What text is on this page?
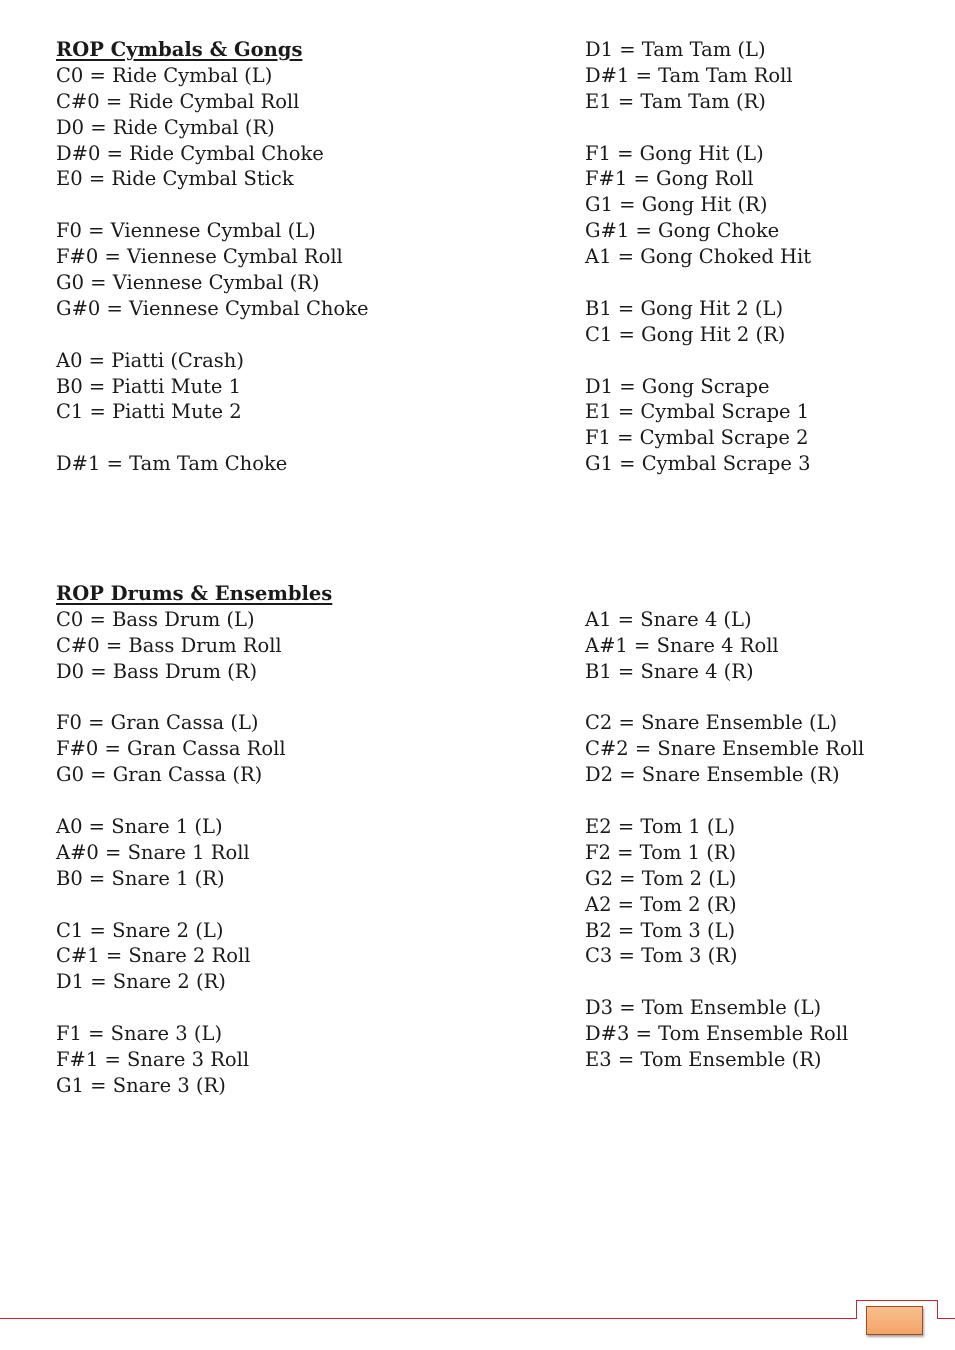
ROP Cymbals & Gongs
C0 = Ride Cymbal (L)
C#0 = Ride Cymbal Roll
D0 = Ride Cymbal (R)
D#0 = Ride Cymbal Choke
E0 = Ride Cymbal Stick
F0 = Viennese Cymbal (L)
F#0 = Viennese Cymbal Roll
G0 = Viennese Cymbal (R)
G#0 = Viennese Cymbal Choke
A0 = Piatti (Crash)
B0 = Piatti Mute 1
C1 = Piatti Mute 2
D#1 = Tam Tam Choke
D1 = Tam Tam (L)
D#1 = Tam Tam Roll
E1 = Tam Tam (R)
F1 = Gong Hit (L)
F#1 = Gong Roll
G1 = Gong Hit (R)
G#1 = Gong Choke
A1 = Gong Choked Hit
B1 = Gong Hit 2 (L)
C1 = Gong Hit 2 (R)
D1 = Gong Scrape
E1 = Cymbal Scrape 1
F1 = Cymbal Scrape 2
G1 = Cymbal Scrape 3
ROP Drums & Ensembles
C0 = Bass Drum (L)
C#0 = Bass Drum Roll
D0 = Bass Drum (R)
F0 = Gran Cassa (L)
F#0 = Gran Cassa Roll
G0 = Gran Cassa (R)
A0 = Snare 1 (L)
A#0 = Snare 1 Roll
B0 = Snare 1 (R)
C1 = Snare 2 (L)
C#1 = Snare 2 Roll
D1 = Snare 2 (R)
F1 = Snare 3 (L)
F#1 = Snare 3 Roll
G1 = Snare 3 (R)
A1 = Snare 4 (L)
A#1 = Snare 4 Roll
B1 = Snare 4 (R)
C2 = Snare Ensemble (L)
C#2 = Snare Ensemble Roll
D2 = Snare Ensemble (R)
E2 = Tom 1 (L)
F2 = Tom 1 (R)
G2 = Tom 2 (L)
A2 = Tom 2 (R)
B2 = Tom 3 (L)
C3 = Tom 3 (R)
D3 = Tom Ensemble (L)
D#3 = Tom Ensemble Roll
E3 = Tom Ensemble (R)
